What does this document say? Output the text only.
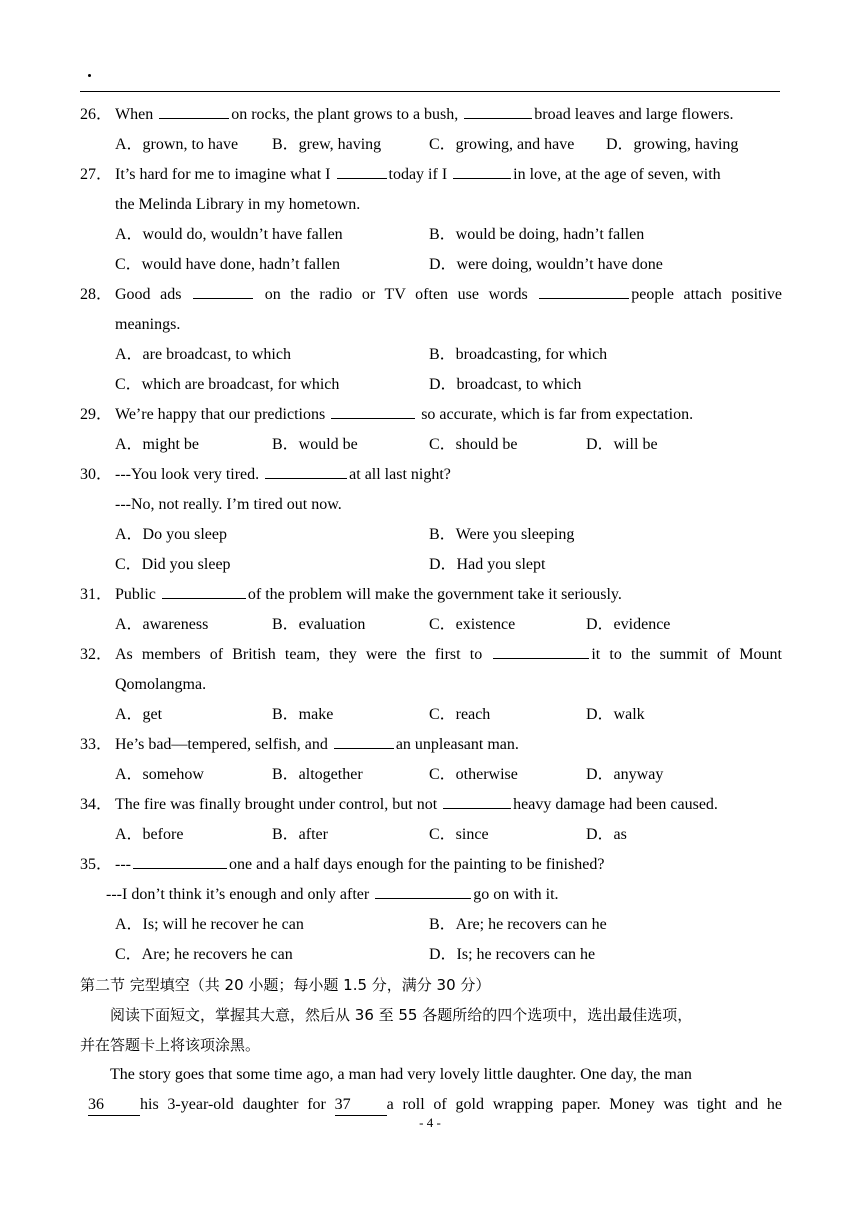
26． When	on rocks, the plant grows to a bush,	broad leaves and large flowers.
A．grown, to have	B．grew, having	C．growing, and have	D．growing, having
27． It’s hard for me to imagine what I	today if I	in love, at the age of seven, with
the Melinda Library in my hometown.
A．would do, wouldn’t have fallen	B．would be doing, hadn’t fallen
C．would have done, hadn’t fallen	D．were doing, wouldn’t have done
28． Good ads	on the radio or TV often use words	people attach positive
meanings.
A．are broadcast, to which	B．broadcasting, for which
C．which are broadcast, for which	D．broadcast, to which
29． We’re happy that our predictions	so accurate, which is far from expectation.
A．might be	B．would be	C．should be	D．will be
30． ---You look very tired.	at all last night?
---No, not really. I’m tired out now.
A．Do you sleep	B．Were you sleeping
C．Did you sleep	D．Had you slept
31． Public	of the problem will make the government take it seriously.
A．awareness	B．evaluation	C．existence	D．evidence
32． As members of British team, they were the first to	it to the summit of Mount
Qomolangma.
A．get	B．make	C．reach	D．walk
33． He’s bad—tempered, selfish, and	an unpleasant man.
A．somehow	B．altogether	C．otherwise	D．anyway
34． The fire was finally brought under control, but not	heavy damage had been caused.
A．before	B．after	C．since	D．as
35． ---	one and a half days enough for the painting to be finished?
---I don’t think it’s enough and only after	go on with it.
A．Is; will he recover he can	B．Are; he recovers can he
C．Are; he recovers he can	D．Is; he recovers can he
第二节 完型填空（共 20 小题；每小题 1.5 分，满分 30 分）
阅读下面短文，掌握其大意，然后从 36 至 55 各题所给的四个选项中，选出最佳选项，
并在答题卡上将该项涂黑。
The story goes that some time ago, a man had very lovely little daughter. One day, the man
36 his 3-year-old daughter for 37 a roll of gold wrapping paper. Money was tight and he
- 4 -
